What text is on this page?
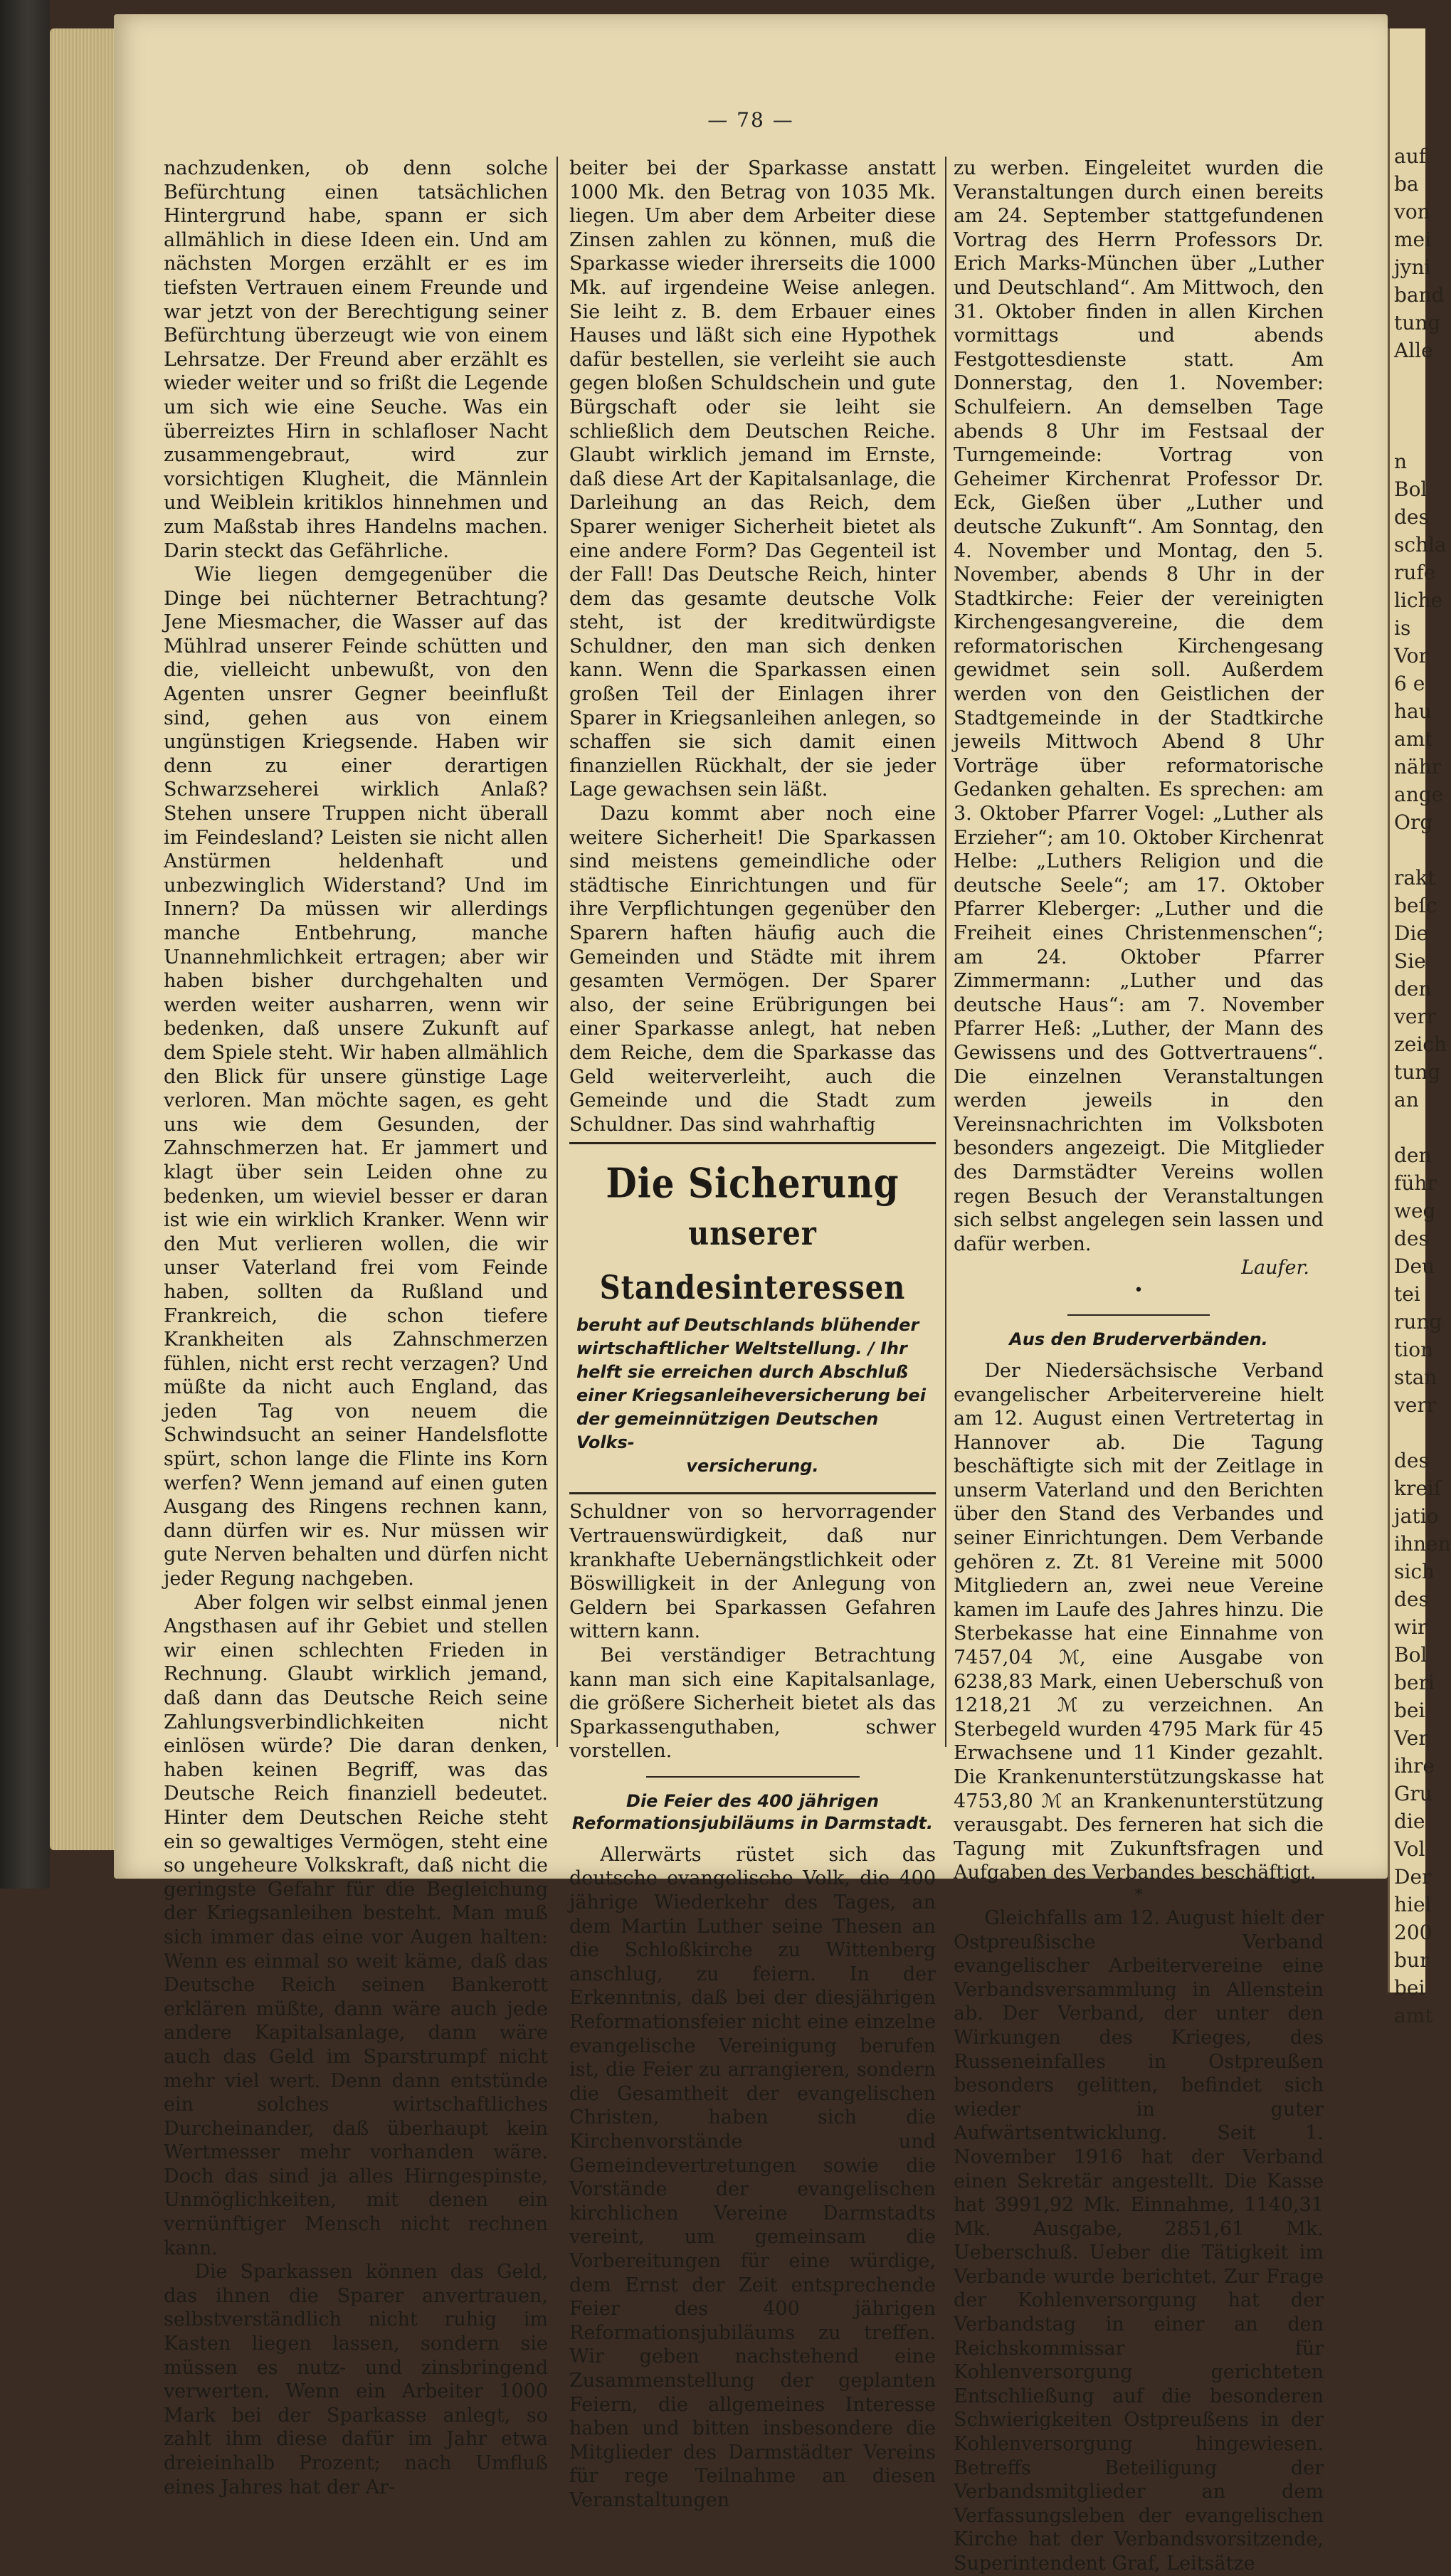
— 78 —

nachzudenken, ob denn solche Befürchtung einen tatsächlichen Hintergrund habe, spann er sich allmählich in diese Ideen ein. Und am nächsten Morgen erzählt er es im tiefsten Vertrauen einem Freunde und war jetzt von der Berechtigung seiner Befürchtung überzeugt wie von einem Lehrsatze. Der Freund aber erzählt es wieder weiter und so frißt die Legende um sich wie eine Seuche. Was ein überreiztes Hirn in schlafloser Nacht zusammengebraut, wird zur vorsichtigen Klugheit, die Männlein und Weiblein kritiklos hinnehmen und zum Maßstab ihres Handelns machen. Darin steckt das Gefährliche.

Wie liegen demgegenüber die Dinge bei nüchterner Betrachtung? Jene Miesmacher, die Wasser auf das Mühlrad unserer Feinde schütten und die, vielleicht unbewußt, von den Agenten unsrer Gegner beeinflußt sind, gehen aus von einem ungünstigen Kriegsende. Haben wir denn zu einer derartigen Schwarzseherei wirklich Anlaß? Stehen unsere Truppen nicht überall im Feindesland? Leisten sie nicht allen Anstürmen heldenhaft und unbezwinglich Widerstand? Und im Innern? Da müssen wir allerdings manche Entbehrung, manche Unannehmlichkeit ertragen; aber wir haben bisher durchgehalten und werden weiter ausharren, wenn wir bedenken, daß unsere Zukunft auf dem Spiele steht. Wir haben allmählich den Blick für unsere günstige Lage verloren. Man möchte sagen, es geht uns wie dem Gesunden, der Zahnschmerzen hat. Er jammert und klagt über sein Leiden ohne zu bedenken, um wieviel besser er daran ist wie ein wirklich Kranker. Wenn wir den Mut verlieren wollen, die wir unser Vaterland frei vom Feinde haben, sollten da Rußland und Frankreich, die schon tiefere Krankheiten als Zahnschmerzen fühlen, nicht erst recht verzagen? Und müßte da nicht auch England, das jeden Tag von neuem die Schwindsucht an seiner Handelsflotte spürt, schon lange die Flinte ins Korn werfen? Wenn jemand auf einen guten Ausgang des Ringens rechnen kann, dann dürfen wir es. Nur müssen wir gute Nerven behalten und dürfen nicht jeder Regung nachgeben.

Aber folgen wir selbst einmal jenen Angsthasen auf ihr Gebiet und stellen wir einen schlechten Frieden in Rechnung. Glaubt wirklich jemand, daß dann das Deutsche Reich seine Zahlungsverbindlichkeiten nicht einlösen würde? Die daran denken, haben keinen Begriff, was das Deutsche Reich finanziell bedeutet. Hinter dem Deutschen Reiche steht ein so gewaltiges Vermögen, steht eine so ungeheure Volkskraft, daß nicht die geringste Gefahr für die Begleichung der Kriegsanleihen besteht. Man muß sich immer das eine vor Augen halten: Wenn es einmal so weit käme, daß das Deutsche Reich seinen Bankerott erklären müßte, dann wäre auch jede andere Kapitalsanlage, dann wäre auch das Geld im Sparstrumpf nicht mehr viel wert. Denn dann entstünde ein solches wirtschaftliches Durcheinander, daß überhaupt kein Wertmesser mehr vorhanden wäre. Doch das sind ja alles Hirngespinste, Unmöglichkeiten, mit denen ein vernünftiger Mensch nicht rechnen kann.

Die Sparkassen können das Geld, das ihnen die Sparer anvertrauen, selbstverständlich nicht ruhig im Kasten liegen lassen, sondern sie müssen es nutz- und zinsbringend verwerten. Wenn ein Arbeiter 1000 Mark bei der Sparkasse anlegt, so zahlt ihm diese dafür im Jahr etwa dreieinhalb Prozent; nach Umfluß eines Jahres hat der Ar-

beiter bei der Sparkasse anstatt 1000 Mk. den Betrag von 1035 Mk. liegen. Um aber dem Arbeiter diese Zinsen zahlen zu können, muß die Sparkasse wieder ihrerseits die 1000 Mk. auf irgendeine Weise anlegen. Sie leiht z. B. dem Erbauer eines Hauses und läßt sich eine Hypothek dafür bestellen, sie verleiht sie auch gegen bloßen Schuldschein und gute Bürgschaft oder sie leiht sie schließlich dem Deutschen Reiche. Glaubt wirklich jemand im Ernste, daß diese Art der Kapitalsanlage, die Darleihung an das Reich, dem Sparer weniger Sicherheit bietet als eine andere Form? Das Gegenteil ist der Fall! Das Deutsche Reich, hinter dem das gesamte deutsche Volk steht, ist der kreditwürdigste Schuldner, den man sich denken kann. Wenn die Sparkassen einen großen Teil der Einlagen ihrer Sparer in Kriegsanleihen anlegen, so schaffen sie sich damit einen finanziellen Rückhalt, der sie jeder Lage gewachsen sein läßt.

Dazu kommt aber noch eine weitere Sicherheit! Die Sparkassen sind meistens gemeindliche oder städtische Einrichtungen und für ihre Verpflichtungen gegenüber den Sparern haften häufig auch die Gemeinden und Städte mit ihrem gesamten Vermögen. Der Sparer also, der seine Erübrigungen bei einer Sparkasse anlegt, hat neben dem Reiche, dem die Sparkasse das Geld weiterverleiht, auch die Gemeinde und die Stadt zum Schuldner. Das sind wahrhaftig

Die Sicherung
unserer Standesinteressen
beruht auf Deutschlands blühender wirtschaftlicher Weltstellung. / Ihr helft sie erreichen durch Abschluß einer Kriegsanleiheversicherung bei der gemeinnützigen Deutschen Volks-
versicherung.

Schuldner von so hervorragender Vertrauenswürdigkeit, daß nur krankhafte Uebernängstlichkeit oder Böswilligkeit in der Anlegung von Geldern bei Sparkassen Gefahren wittern kann.

Bei verständiger Betrachtung kann man sich eine Kapitalsanlage, die größere Sicherheit bietet als das Sparkassenguthaben, schwer vorstellen.

Die Feier des 400 jährigen Reformationsjubiläums in Darmstadt.

Allerwärts rüstet sich das deutsche evangelische Volk, die 400 jährige Wiederkehr des Tages, an dem Martin Luther seine Thesen an die Schloßkirche zu Wittenberg anschlug, zu feiern. In der Erkenntnis, daß bei der diesjährigen Reformationsfeier nicht eine einzelne evangelische Vereinigung berufen ist, die Feier zu arrangieren, sondern die Gesamtheit der evangelischen Christen, haben sich die Kirchenvorstände und Gemeindevertretungen sowie die Vorstände der evangelischen kirchlichen Vereine Darmstadts vereint, um gemeinsam die Vorbereitungen für eine würdige, dem Ernst der Zeit entsprechende Feier des 400 jährigen Reformationsjubiläums zu treffen. Wir geben nachstehend eine Zusammenstellung der geplanten Feiern, die allgemeines Interesse haben und bitten insbesondere die Mitglieder des Darmstädter Vereins für rege Teilnahme an diesen Veranstaltungen

zu werben. Eingeleitet wurden die Veranstaltungen durch einen bereits am 24. September stattgefundenen Vortrag des Herrn Professors Dr. Erich Marks-München über „Luther und Deutschland“. Am Mittwoch, den 31. Oktober finden in allen Kirchen vormittags und abends Festgottesdienste statt. Am Donnerstag, den 1. November: Schulfeiern. An demselben Tage abends 8 Uhr im Festsaal der Turngemeinde: Vortrag von Geheimer Kirchenrat Professor Dr. Eck, Gießen über „Luther und deutsche Zukunft“. Am Sonntag, den 4. November und Montag, den 5. November, abends 8 Uhr in der Stadtkirche: Feier der vereinigten Kirchengesangvereine, die dem reformatorischen Kirchengesang gewidmet sein soll. Außerdem werden von den Geistlichen der Stadtgemeinde in der Stadtkirche jeweils Mittwoch Abend 8 Uhr Vorträge über reformatorische Gedanken gehalten. Es sprechen: am 3. Oktober Pfarrer Vogel: „Luther als Erzieher“; am 10. Oktober Kirchenrat Helbe: „Luthers Religion und die deutsche Seele“; am 17. Oktober Pfarrer Kleberger: „Luther und die Freiheit eines Christenmenschen“; am 24. Oktober Pfarrer Zimmermann: „Luther und das deutsche Haus“: am 7. November Pfarrer Heß: „Luther, der Mann des Gewissens und des Gottvertrauens“. Die einzelnen Veranstaltungen werden jeweils in den Vereinsnachrichten im Volksboten besonders angezeigt. Die Mitglieder des Darmstädter Vereins wollen regen Besuch der Veranstaltungen sich selbst angelegen sein lassen und dafür werben.

Laufer.
•
Aus den Bruderverbänden.

Der Niedersächsische Verband evangelischer Arbeitervereine hielt am 12. August einen Vertretertag in Hannover ab. Die Tagung beschäftigte sich mit der Zeitlage in unserm Vaterland und den Berichten über den Stand des Verbandes und seiner Einrichtungen. Dem Verbande gehören z. Zt. 81 Vereine mit 5000 Mitgliedern an, zwei neue Vereine kamen im Laufe des Jahres hinzu. Die Sterbekasse hat eine Einnahme von 7457,04 ℳ, eine Ausgabe von 6238,83 Mark, einen Ueberschuß von 1218,21 ℳ zu verzeichnen. An Sterbegeld wurden 4795 Mark für 45 Erwachsene und 11 Kinder gezahlt. Die Krankenunterstützungskasse hat 4753,80 ℳ an Krankenunterstützung verausgabt. Des ferneren hat sich die Tagung mit Zukunftsfragen und Aufgaben des Verbandes beschäftigt.

*

Gleichfalls am 12. August hielt der Ostpreußische Verband evangelischer Arbeitervereine eine Verbandsversammlung in Allenstein ab. Der Verband, der unter den Wirkungen des Krieges, des Russeneinfalles in Ostpreußen besonders gelitten, befindet sich wieder in guter Aufwärtsentwicklung. Seit 1. November 1916 hat der Verband einen Sekretär angestellt. Die Kasse hat 3991,92 Mk. Einnahme, 1140,31 Mk. Ausgabe, 2851,61 Mk. Ueberschuß. Ueber die Tätigkeit im Verbande wurde berichtet. Zur Frage der Kohlenversorgung hat der Verbandstag in einer an den Reichskommissar für Kohlenversorgung gerichteten Entschließung auf die besonderen Schwierigkeiten Ostpreußens in der Kohlenversorgung hingewiesen. Betreffs Beteiligung der Verbandsmitglieder an dem Verfassungsleben der evangelischen Kirche hat der Verbandsvorsitzende, Superintendent Graf, Leitsätze

auf
ba
von
mei
jyni
band
tung
Alle

n
Bol
des
schla
rufe
liche
is
Vor
6 e
hau
amt
nähr
ange
Org

rakt
beſc
Die
Sie
den
verr
zeich
tung
an

den
führ
weg
des
Deu
tei
rung
tion
stan
verr

des
kreiſ
jatio
ihnen
sich
des
wir
Bol
beri
bei
Ver
ihre
Gru
die
Vol
Der
hiel
200
bur
bei
amt
